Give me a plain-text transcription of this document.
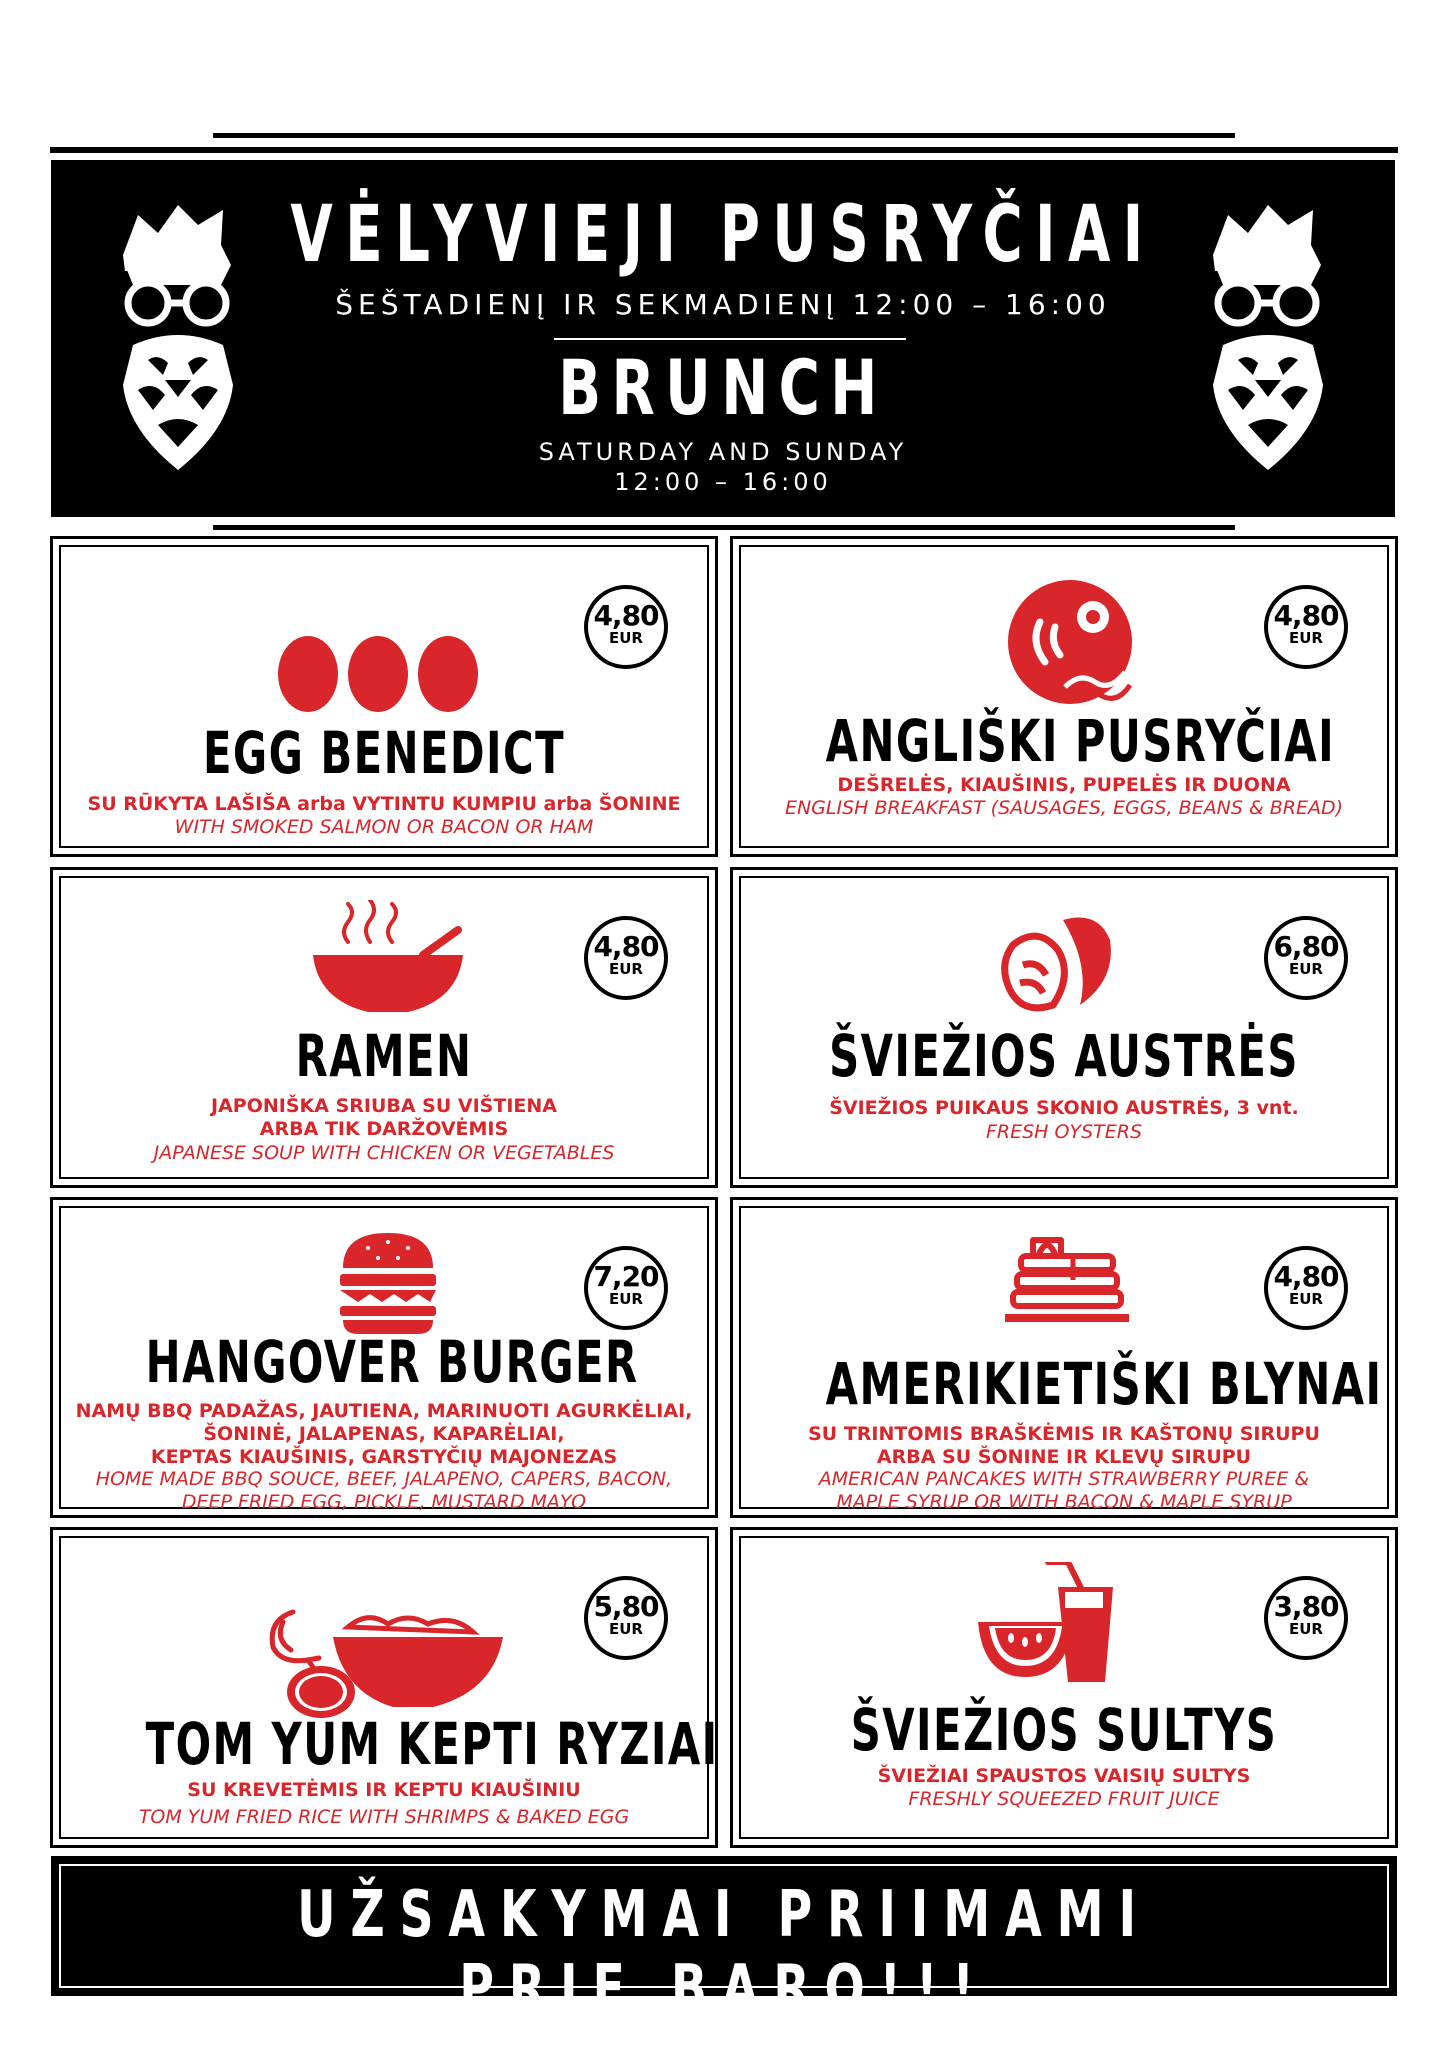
VĖLYVIEJI PUSRYČIAI
ŠEŠTADIENĮ IR SEKMADIENĮ 12:00 – 16:00
BRUNCH
SATURDAY AND SUNDAY
12:00 – 16:00
4,80
EUR
EGG BENEDICT
SU RŪKYTA LAŠIŠA arba VYTINTU KUMPIU arba ŠONINE
WITH SMOKED SALMON OR BACON OR HAM
4,80
EUR
ANGLIŠKI PUSRYČIAI
DEŠRELĖS, KIAUŠINIS, PUPELĖS IR DUONA
ENGLISH BREAKFAST (SAUSAGES, EGGS, BEANS & BREAD)
4,80
EUR
RAMEN
JAPONIŠKA SRIUBA SU VIŠTIENA
ARBA TIK DARŽOVĖMIS
JAPANESE SOUP WITH CHICKEN OR VEGETABLES
6,80
EUR
ŠVIEŽIOS AUSTRĖS
ŠVIEŽIOS PUIKAUS SKONIO AUSTRĖS, 3 vnt.
FRESH OYSTERS
7,20
EUR
HANGOVER BURGER
NAMŲ BBQ PADAŽAS, JAUTIENA, MARINUOTI AGURKĖLIAI,
ŠONINĖ, JALAPENAS, KAPARĖLIAI,
KEPTAS KIAUŠINIS, GARSTYČIŲ MAJONEZAS
HOME MADE BBQ SOUCE, BEEF, JALAPENO, CAPERS, BACON,
DEEP FRIED EGG, PICKLE, MUSTARD MAYO
4,80
EUR
AMERIKIETIŠKI BLYNAI
SU TRINTOMIS BRAŠKĖMIS IR KAŠTONŲ SIRUPU
ARBA SU ŠONINE IR KLEVŲ SIRUPU
AMERICAN PANCAKES WITH STRAWBERRY PUREE &
MAPLE SYRUP OR WITH BACON & MAPLE SYRUP
5,80
EUR
TOM YUM KEPTI RYZIAI
SU KREVETĖMIS IR KEPTU KIAUŠINIU
TOM YUM FRIED RICE WITH SHRIMPS & BAKED EGG
3,80
EUR
ŠVIEŽIOS SULTYS
ŠVIEŽIAI SPAUSTOS VAISIŲ SULTYS
FRESHLY SQUEEZED FRUIT JUICE
UŽSAKYMAI PRIIMAMI PRIE BARO!!!
